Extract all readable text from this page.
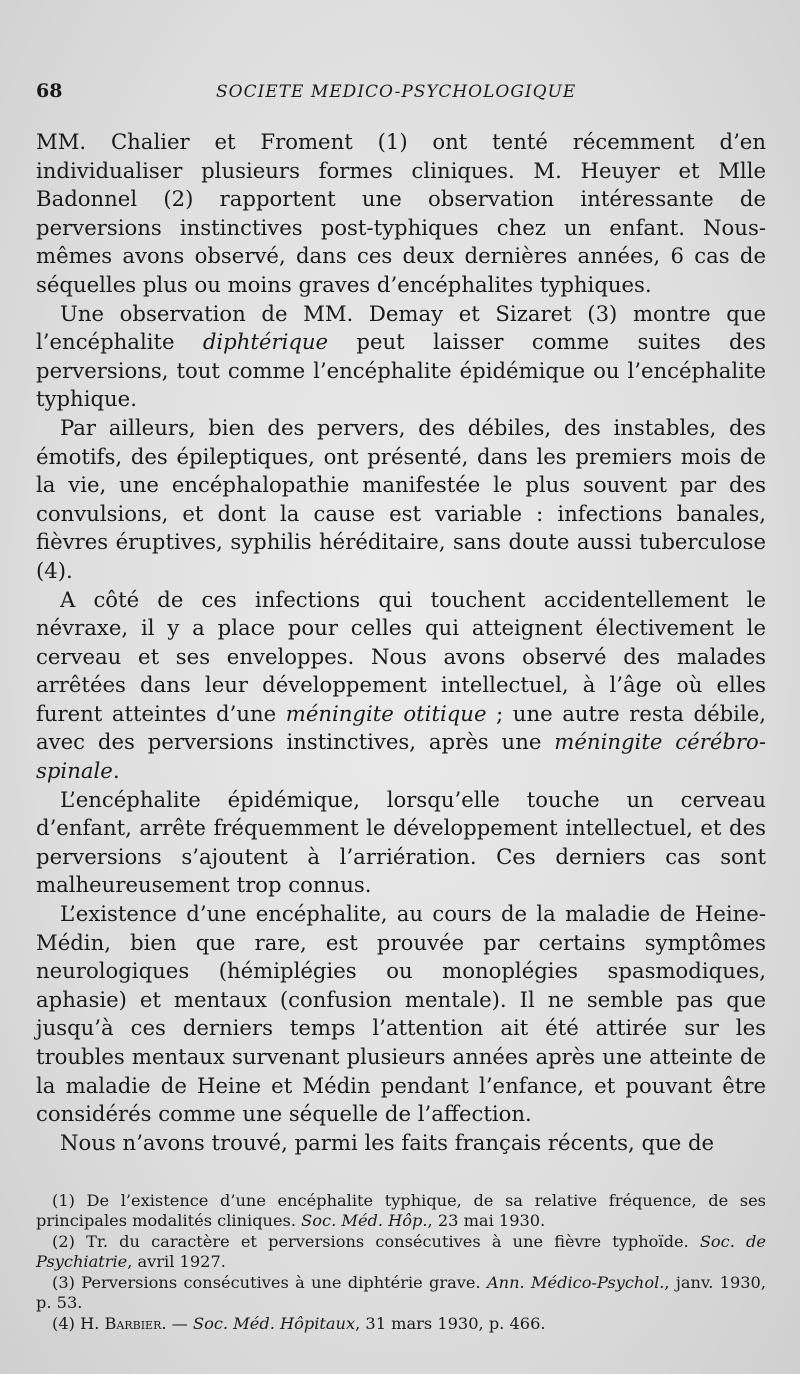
68	SOCIETE MEDICO-PSYCHOLOGIQUE

MM. Chalier et Froment (1) ont tenté récemment d’en individualiser plusieurs formes cliniques. M. Heuyer et Mlle Badonnel (2) rapportent une observation intéressante de perversions instinctives post-typhiques chez un enfant. Nous-mêmes avons observé, dans ces deux dernières années, 6 cas de séquelles plus ou moins graves d’encéphalites typhiques.

Une observation de MM. Demay et Sizaret (3) montre que l’encéphalite diphtérique peut laisser comme suites des perversions, tout comme l’encéphalite épidémique ou l’encéphalite typhique.

Par ailleurs, bien des pervers, des débiles, des instables, des émotifs, des épileptiques, ont présenté, dans les premiers mois de la vie, une encéphalopathie manifestée le plus souvent par des convulsions, et dont la cause est variable : infections banales, fièvres éruptives, syphilis héréditaire, sans doute aussi tuberculose (4).

A côté de ces infections qui touchent accidentellement le névraxe, il y a place pour celles qui atteignent électivement le cerveau et ses enveloppes. Nous avons observé des malades arrêtées dans leur développement intellectuel, à l’âge où elles furent atteintes d’une méningite otitique ; une autre resta débile, avec des perversions instinctives, après une méningite cérébro-spinale.

L’encéphalite épidémique, lorsqu’elle touche un cerveau d’enfant, arrête fréquemment le développement intellectuel, et des perversions s’ajoutent à l’arriération. Ces derniers cas sont malheureusement trop connus.

L’existence d’une encéphalite, au cours de la maladie de Heine-Médin, bien que rare, est prouvée par certains symptômes neurologiques (hémiplégies ou monoplégies spasmodiques, aphasie) et mentaux (confusion mentale). Il ne semble pas que jusqu’à ces derniers temps l’attention ait été attirée sur les troubles mentaux survenant plusieurs années après une atteinte de la maladie de Heine et Médin pendant l’enfance, et pouvant être considérés comme une séquelle de l’affection.

Nous n’avons trouvé, parmi les faits français récents, que de

(1) De l’existence d’une encéphalite typhique, de sa relative fréquence, de ses principales modalités cliniques. Soc. Méd. Hôp., 23 mai 1930.

(2) Tr. du caractère et perversions consécutives à une fièvre typhoïde. Soc. de Psychiatrie, avril 1927.

(3) Perversions consécutives à une diphtérie grave. Ann. Médico-Psychol., janv. 1930, p. 53.

(4) H. Barbier. — Soc. Méd. Hôpitaux, 31 mars 1930, p. 466.
